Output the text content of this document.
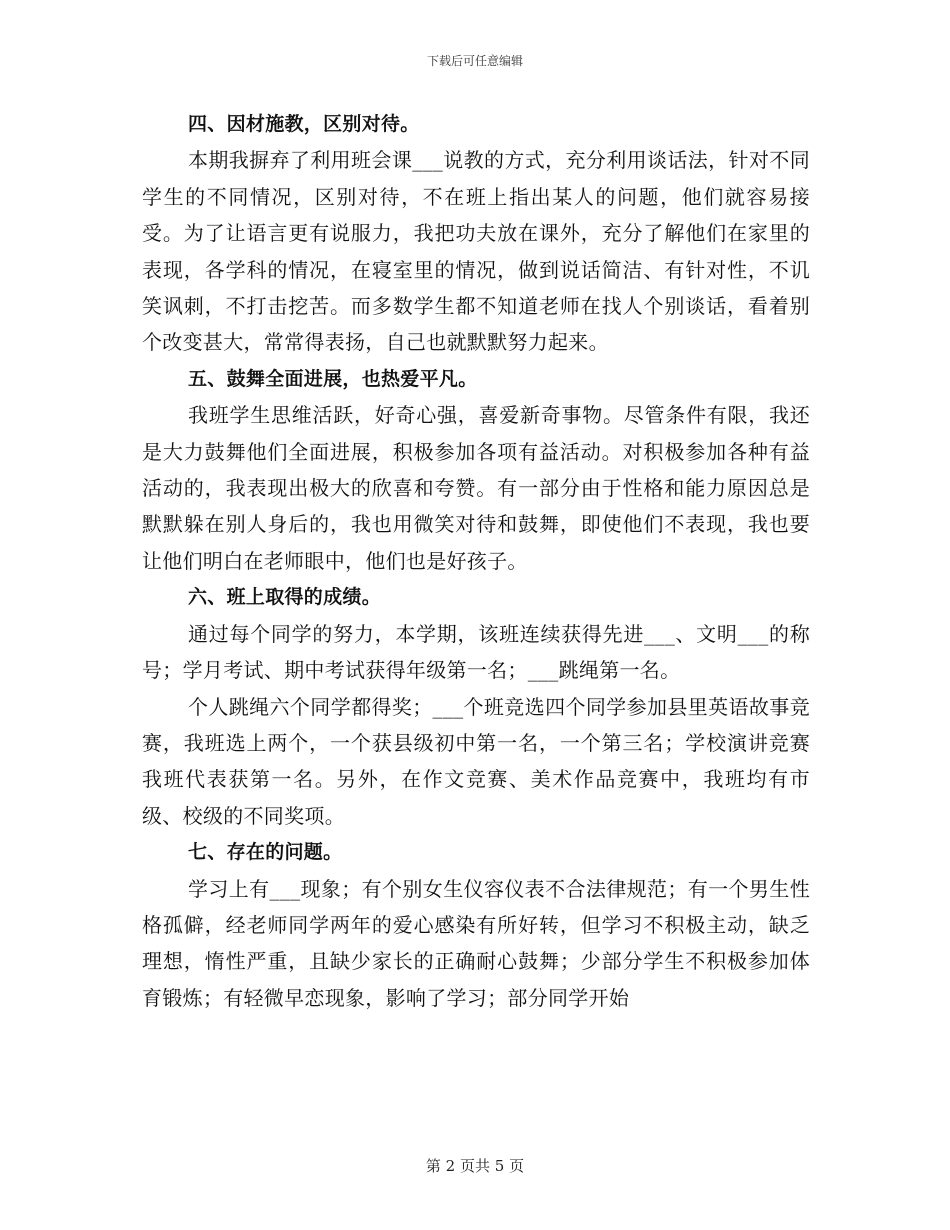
下载后可任意编辑

四、因材施教，区别对待。

本期我摒弃了利用班会课___说教的方式，充分利用谈话法，针对不同学生的不同情况，区别对待，不在班上指出某人的问题，他们就容易接受。为了让语言更有说服力，我把功夫放在课外，充分了解他们在家里的表现，各学科的情况，在寝室里的情况，做到说话简洁、有针对性，不讥笑讽刺，不打击挖苦。而多数学生都不知道老师在找人个别谈话，看着别个改变甚大，常常得表扬，自己也就默默努力起来。

五、鼓舞全面进展，也热爱平凡。

我班学生思维活跃，好奇心强，喜爱新奇事物。尽管条件有限，我还是大力鼓舞他们全面进展，积极参加各项有益活动。对积极参加各种有益活动的，我表现出极大的欣喜和夸赞。有一部分由于性格和能力原因总是默默躲在别人身后的，我也用微笑对待和鼓舞，即使他们不表现，我也要让他们明白在老师眼中，他们也是好孩子。

六、班上取得的成绩。

通过每个同学的努力，本学期，该班连续获得先进___、文明___的称号；学月考试、期中考试获得年级第一名；___跳绳第一名。

个人跳绳六个同学都得奖；___个班竞选四个同学参加县里英语故事竞赛，我班选上两个，一个获县级初中第一名，一个第三名；学校演讲竞赛我班代表获第一名。另外，在作文竞赛、美术作品竞赛中，我班均有市级、校级的不同奖项。

七、存在的问题。

学习上有___现象；有个别女生仪容仪表不合法律规范；有一个男生性格孤僻，经老师同学两年的爱心感染有所好转，但学习不积极主动，缺乏理想，惰性严重，且缺少家长的正确耐心鼓舞；少部分学生不积极参加体育锻炼；有轻微早恋现象，影响了学习；部分同学开始

第 2 页共 5 页
